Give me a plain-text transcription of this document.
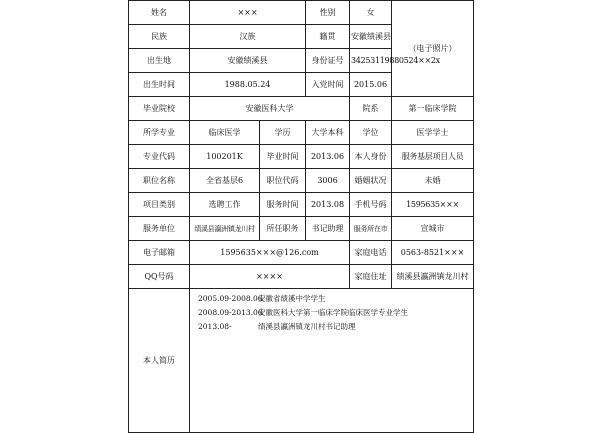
姓名	×××		性别	女	（电子照片）
民族	汉族		籍贯	安徽绩溪县	
出生地	安徽绩溪县		身份证号	34253119880524××2x	
出生时间	1988.05.24		入党时间	2015.06	
毕业院校	安徽医科大学			院系	第一临床学院
所学专业	临床医学	学历	大学本科	学位	医学学士
专业代码	100201K	毕业时间	2013.06	本人身份	服务基层项目人员
职位名称	全省基层6	职位代码	3006	婚姻状况	未婚
项目类别	选聘工作	服务时间	2013.08	手机号码	1595635×××
服务单位	绩溪县瀛洲镇龙川村	所任职务	书记助理	服务所在市	宣城市
电子邮箱	1595635×××@126.com			家庭电话	0563-8521×××
QQ号码	××××			家庭住址	绩溪县瀛洲镇龙川村
本人简历	2005.09-2008.06安徽省绩溪中学学生
2008.09-2013.06安徽医科大学第一临床学院临床医学专业学生
2013.08- 绩溪县瀛洲镇龙川村书记助理				
